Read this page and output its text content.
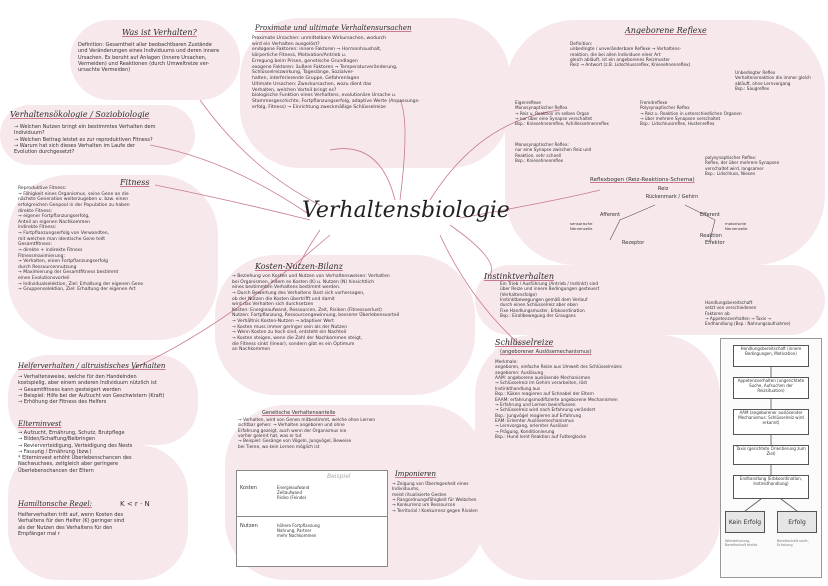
Verhaltensbiologie
Was ist Verhalten?
Definition: Gesamtheit aller beobachtbaren Zustände
und Veränderungen eines Individuums und deren innere
Ursachen. Es beruht auf Anlagen (innere Ursachen,
Vermeiden) und Reaktionen (durch Umweltreize ver-
ursachte Vermeiden)
Proximate und ultimate Verhaltensursachen
Proximate Ursachen: unmittelbare Wirkursachen, wodurch
wird ein Verhalten ausgelöst?
endogene Faktoren: innere Faktoren → Hormonhaushalt,
körperliche Fitness, Motivation/Antrieb u.
Erregung beim Prisen, genetische Grundlagen
exogene Faktoren: äußere Faktoren → Temperaturveränderung,
Schlüsselreizwirkung, Tageslänge, Sozialver-
halten, interferierende Gruppe, Gefahrenlagen
Ultimate Ursachen: Zweckursachen, wozu dient das
Verhalten, welchen Vorteil bringt es?
biologische Funktion eines Verhaltens, evolutionäre Ursache u.
Stammesgeschichte, Fortpflanzungserfolg, adaptive Werte (Anpassungs-
erfolg, Fitness) → Einrichtung zweckmäßige Schlüsselreize
Verhaltensökologie / Soziobiologie
→ Welchen Nutzen bringt ein bestimmtes Verhalten dem
Individuum?
→ Welchen Beitrag leistet es zur reproduktiven Fitness?
→ Warum hat sich dieses Verhalten im Laufe der
Evolution durchgesetzt?
Fitness
Reproduktive Fitness:
→ Fähigkeit eines Organismus, seine Gene an die
nächste Generation weiterzugeben u. bzw. einen
erfolgreichen Genpool in der Population zu haben
direkte Fitness:
→ eigener Fortpflanzungserfolg,
Anteil an eigenen Nachkommen
indirekte Fitness:
→ Fortpflanzungserfolg von Verwandten,
mit welchen man identische Gene teilt
Gesamtfitness:
→ direkte + indirekte Fitness
Fitnessmaximierung:
→ Verhalten, einen Fortpflanzungserfolg
durch Ressourcennutzung
→ Maximierung der Gesamtfitness bestimmt
einen Evolutionsvorteil
→ Individualselektion, Ziel: Erhaltung der eigenen Gene
→ Gruppenselektion, Ziel: Erhaltung der eigenen Art
Helferverhalten / altruistisches Verhalten
→ Verhaltensweise, welche für den Handelnden
kostspielig, aber einem anderen Individuum nützlich ist
→ Gesamtfitness kann gesteigert werden
→ Beispiel: Hilfe bei der Aufzucht von Geschwistern (Kraft)
→ Erhöhung der Fitness des Helfers
Elterninvest
→ Aufzucht, Ernährung, Schutz, Brutpflege
→ Bilden/Schaffung/Beibringen
→ Revierverteidigung, Verteidigung des Nests
→ Fassung / Ernährung (bzw.)
* Elterninvest erhöht Überlebenschancen des
Nachwuchses, zeitgleich aber geringere
Überlebenschancen der Eltern
Hamiltonsche Regel:	K < r · N
Helferverhalten tritt auf, wenn Kosten des
Verhaltens für den Helfer (K) geringer sind
als der Nutzen des Verhaltens für den
Empfänger mal r
Kosten-Nutzen-Bilanz
→ Beziehung von Kosten und Nutzen von Verhaltensweisen: Verhalten
bei Organismen, indem es Kosten (K) u. Nutzen (N) hinsichtlich
eines bestimmten Verhaltens bestimmt werden.
→ Durch Bewertung des Verhaltens lässt sich vorhersagen,
ob der Nutzen die Kosten übertrifft und damit
wird das Verhalten sich durchsetzen
Kosten: Energieaufwand, Ressourcen, Zeit, Risiken (Fitnessverlust)
Nutzen: Fortpflanzung, Ressourcengewinnung, besserer Überlebensvorteil
→ Verhältnis Kosten-Nutzen → adaptiver Wert
→ Kosten muss immer geringer sein als der Nutzen
→ Wenn Kosten zu hoch sind, entsteht ein Nachteil
→ Kosten steigen, wenn die Zahl der Nachkommen steigt,
die Fitness sinkt (linear), sondern gibt es ein Optimum
an Nachkommen
Genetische Verhaltensanteile
→ Verhalten, wird von Genen mitbestimmt, welche ohne Lernen
sichtbar gehen: → Verhalten angeboren und ohne
Erfahrung gezeigt, auch wenn der Organismus nie
vorher gelernt hat, was er tut
→ Beispiel: Gesänge von Vögeln, Jungvögel, Beweise
bei Tieren, wo kein Lernen möglich ist
Beispiel
Kosten	Energieaufwand
Zeitaufwand
Risiko (Feinde)
Nutzen	höhere Fortpflanzung
Nahrung, Partner
mehr Nachkommen
Imponieren
→ Zeigung von Überlegenheit eines Individuums,
meist ritualisierte Gesten
→ Rangordnungsfähigkeit für Weibchen
→ Konkurrenz um Ressourcen
→ Territorial / Konkurrenz gegen Rivalen
Angeborene Reflexe
Definition:
unbedingte / unveränderbare Reflexe → Verhaltens-
reaktion, die bei allen Individuen einer Art
gleich abläuft, ist ein angeborenes Reizmuster
Reiz → Antwort (z.B. Lidschlussreflex, Kniesehnenreflex)
Eigenreflexe
Monosynaptischer Reflex
→ Reiz u. Reaktion im selben Organ
→ nur über eine Synapse verschaltet
Bsp.: Kniesehnenreflex, Achillessehnenreflex
Fremdreflexe
Polysynaptischer Reflex
→ Reiz u. Reaktion in unterschiedlichen Organen
→ über mehrere Synapsen verschaltet
Bsp.: Lidschlussreflex, Hustenreflex
Unbedingter Reflex
Verhaltensreaktion die immer gleich
abläuft, ohne Lernvorgang
Bsp.: Saugreflex
Monosynaptischer Reflex:
nur eine Synapse zwischen Reiz und
Reaktion, sehr schnell
Bsp.: Kniesehnenreflex
polysynaptischer Reflex:
Reflex, der über mehrere Synapsen
verschaltet wird, langsamer
Bsp.: Lidschluss, Niesen
Reflexbogen (Reiz-Reaktions-Schema)
Reiz
Rückenmark / Gehirn
Afferent	Efferent
sensorische
Nervenzelle
motorische
Nervenzelle
Rezeptor	Effektor
Reaktion
Instinktverhalten
Ein Trieb / Ausführung (Antrieb / Instinkt) sind
über Reize und innere Bedingungen gesteuert
(Verhaltensfolge)
Instinktbewegungen gemäß dem Verlauf
durch einen Schlüsselreiz aber eben
Fixe Handlungsmuster, Erbkoordination
Bsp.: Eirollbewegung der Graugans
Handlungsbereitschaft
setzt von verschiedenen
Faktoren ab
→ Appetenzverhalten → Taxis →
Endhandlung (Bsp.: Nahrungsaufnahme)
Schlüsselreize
(angeborener Auslösemechanismus)
Merkmale:
angeboren, einfache Reize aus Umwelt des Schlüsselreizes
angeboren: Auslösung
AAM: angeborene auslösende Mechanismen
→ Schlüsselreiz im Gehirn verarbeiten, löst
Instinkthandlung aus
Bsp.: Küken reagieren auf Schnabel der Eltern
EAAM: erfahrungsmodifizierte angeborene Mechanismen
→ Erfahrung und Lernen beeinflussen
→ Schlüsselreiz wird nach Erfahrung verändert
Bsp.: Jungvögel reagieren auf Erfahrung
EAM: Erlernter Auslösemechanismus
→ Lernvorgang, erlernter Auslöser
→ Prägung, Konditionierung
Bsp.: Hund lernt Reaktion auf Futterglocke
Handlungsbereitschaft (innere Bedingungen, Motivation)
Appetenzverhalten (ungerichtete Suche, Aufsuchen der Reizsituation)
AAM (angeborener auslösender Mechanismus: Schlüsselreiz wird erkannt)
Taxis (gerichtete Orientierung zum Ziel)
Endhandlung (Erbkoordination, Instinkthandlung)
Kein Erfolg	Erfolg
Wiederholung,
Bereitschaft bleibt
Bereitschaft sinkt,
Erholung
